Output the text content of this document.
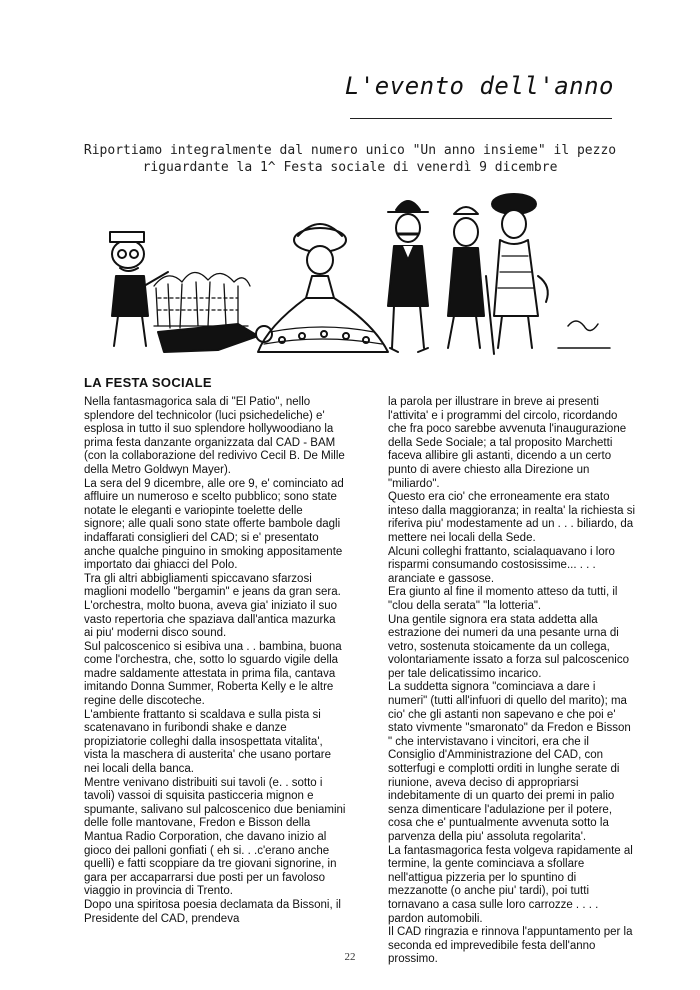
L'evento dell'anno
Riportiamo integralmente dal numero unico "Un anno insieme" il pezzo
riguardante la 1^ Festa sociale di venerdì 9 dicembre
LA FESTA SOCIALE

Nella fantasmagorica sala di "El Patio", nello splendore del technicolor (luci psichedeliche) e' esplosa in tutto il suo splendore hollywoodiano la prima festa danzante organizzata dal CAD - BAM (con la collaborazione del redivivo Cecil B. De Mille della Metro Goldwyn Mayer).

La sera del 9 dicembre, alle ore 9, e' cominciato ad affluire un numeroso e scelto pubblico; sono state notate le eleganti e variopinte toelette delle signore; alle quali sono state offerte bambole dagli indaffarati consiglieri del CAD; si e' presentato anche qualche pinguino in smoking appositamente importato dai ghiacci del Polo.

Tra gli altri abbigliamenti spiccavano sfarzosi maglioni modello "bergamin" e jeans da gran sera.

L'orchestra, molto buona, aveva gia' iniziato il suo vasto repertoria che spaziava dall'antica mazurka ai piu' moderni disco sound.

Sul palcoscenico si esibiva una . . bambina, buona come l'orchestra, che, sotto lo sguardo vigile della madre saldamente attestata in prima fila, cantava imitando Donna Summer, Roberta Kelly e le altre regine delle discoteche.

L'ambiente frattanto si scaldava e sulla pista si scatenavano in furibondi shake e danze propiziatorie colleghi dalla insospettata vitalita', vista la maschera di austerita' che usano portare nei locali della banca.

Mentre venivano distribuiti sui tavoli (e. . sotto i tavoli) vassoi di squisita pasticceria mignon e spumante, salivano sul palcoscenico due beniamini delle folle mantovane, Fredon e Bisson della Mantua Radio Corporation, che davano inizio al gioco dei palloni gonfiati ( eh si. . .c'erano anche quelli) e fatti scoppiare da tre giovani signorine, in gara per accaparrarsi due posti per un favoloso viaggio in provincia di Trento.

Dopo una spiritosa poesia declamata da Bissoni, il Presidente del CAD, prendeva

la parola per illustrare in breve ai presenti l'attivita' e i programmi del circolo, ricordando che fra poco sarebbe avvenuta l'inaugurazione della Sede Sociale; a tal proposito Marchetti faceva allibire gli astanti, dicendo a un certo punto di avere chiesto alla Direzione un "miliardo".

Questo era cio' che erroneamente era stato inteso dalla maggioranza; in realta' la richiesta si riferiva piu' modestamente ad un . . . biliardo, da mettere nei locali della Sede.

Alcuni colleghi frattanto, scialaquavano i loro risparmi consumando costosissime... . . . aranciate e gassose.

Era giunto al fine il momento atteso da tutti, il "clou della serata" "la lotteria".

Una gentile signora era stata addetta alla estrazione dei numeri da una pesante urna di vetro, sostenuta stoicamente da un collega, volontariamente issato a forza sul palcoscenico per tale delicatissimo incarico.

La suddetta signora "cominciava a dare i numeri" (tutti all'infuori di quello del marito); ma cio' che gli astanti non sapevano e che poi e' stato vivmente "smaronato" da Fredon e Bisson " che intervistavano i vincitori, era che il Consiglio d'Amministrazione del CAD, con sotterfugi e complotti orditi in lunghe serate di riunione, aveva deciso di appropriarsi indebitamente di un quarto dei premi in palio senza dimenticare l'adulazione per il potere, cosa che e' puntualmente avvenuta sotto la parvenza della piu' assoluta regolarita'.

La fantasmagorica festa volgeva rapidamente al termine, la gente cominciava a sfollare nell'attigua pizzeria per lo spuntino di mezzanotte (o anche piu' tardi), poi tutti tornavano a casa sulle loro carrozze . . . . pardon automobili.

Il CAD ringrazia e rinnova l'appuntamento per la seconda ed imprevedibile festa dell'anno prossimo.

22
